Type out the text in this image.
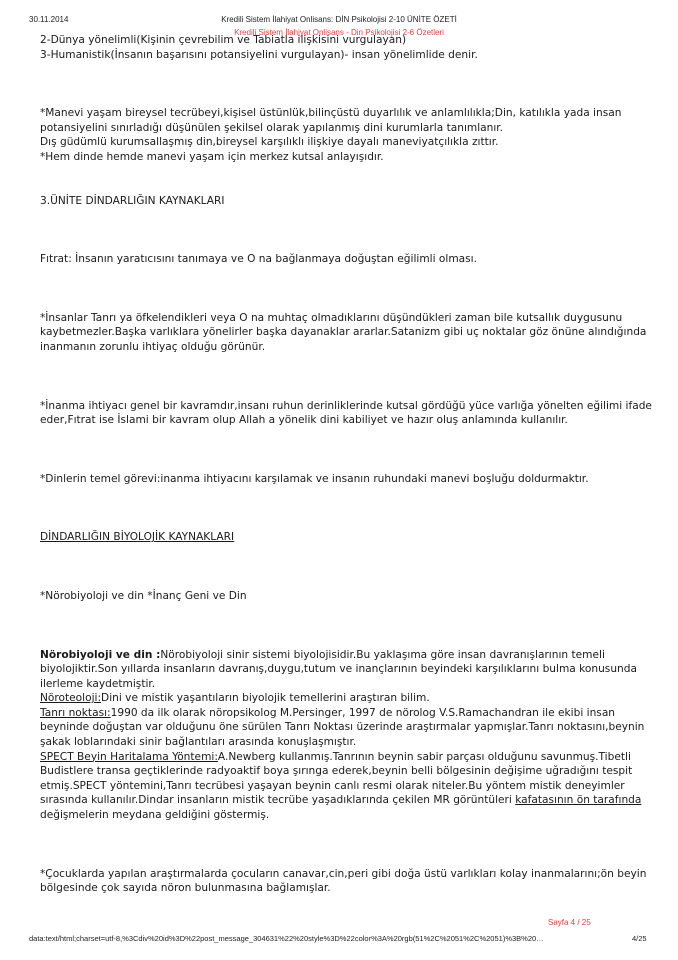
30.11.2014	Kredili Sistem İlahiyat Onlisans: DİN Psikolojisi 2-10 ÜNİTE ÖZETİ
Kredili Sistem İlahiyat Onlisans - Din Psikolojisi 2-6 Özetleri

2-Dünya yönelimli(Kişinin çevrebilim ve Tabiatla ilişkisini vurgulayan)

3-Humanistik(İnsanın başarısını potansiyelini vurgulayan)- insan yönelimlide denir.

*Manevi yaşam bireysel tecrübeyi,kişisel üstünlük,bilinçüstü duyarlılık ve anlamlılıkla;Din, katılıkla yada insan potansiyelini sınırladığı düşünülen şekilsel olarak yapılanmış dini kurumlarla tanımlanır.

Dış güdümlü kurumsallaşmış din,bireysel karşılıklı ilişkiye dayalı maneviyatçılıkla zıttır.

*Hem dinde hemde manevi yaşam için merkez kutsal anlayışıdır.

3.ÜNİTE DİNDARLIĞIN KAYNAKLARI

Fıtrat: İnsanın yaratıcısını tanımaya ve O na bağlanmaya doğuştan eğilimli olması.

*İnsanlar Tanrı ya öfkelendikleri veya O na muhtaç olmadıklarını düşündükleri zaman bile kutsallık duygusunu kaybetmezler.Başka varlıklara yönelirler başka dayanaklar ararlar.Satanizm gibi uç noktalar göz önüne alındığında inanmanın zorunlu ihtiyaç olduğu görünür.

*İnanma ihtiyacı genel bir kavramdır,insanı ruhun derinliklerinde kutsal gördüğü yüce varlığa yönelten eğilimi ifade eder,Fıtrat ise İslami bir kavram olup Allah a yönelik dini kabiliyet ve hazır oluş anlamında kullanılır.

*Dinlerin temel görevi:inanma ihtiyacını karşılamak ve insanın ruhundaki manevi boşluğu doldurmaktır.

DİNDARLIĞIN BİYOLOJİK KAYNAKLARI

*Nörobiyoloji ve din *İnanç Geni ve Din

Nörobiyoloji ve din :Nörobiyoloji sinir sistemi biyolojisidir.Bu yaklaşıma göre insan davranışlarının temeli biyolojiktir.Son yıllarda insanların davranış,duygu,tutum ve inançlarının beyindeki karşılıklarını bulma konusunda ilerleme kaydetmiştir.

Nöroteoloji:Dini ve mistik yaşantıların biyolojik temellerini araştıran bilim.

Tanrı noktası:1990 da ilk olarak nöropsikolog M.Persinger, 1997 de nörolog V.S.Ramachandran ile ekibi insan beyninde doğuştan var olduğunu öne sürülen Tanrı Noktası üzerinde araştırmalar yapmışlar.Tanrı noktasını,beynin şakak loblarındaki sinir bağlantıları arasında konuşlaşmıştır.

SPECT Beyin Haritalama Yöntemi:A.Newberg kullanmış.Tanrının beynin sabir parçası olduğunu savunmuş.Tibetli Budistlere transa geçtiklerinde radyoaktif boya şırınga ederek,beynin belli bölgesinin değişime uğradığını tespit etmiş.SPECT yöntemini,Tanrı tecrübesi yaşayan beynin canlı resmi olarak niteler.Bu yöntem mistik deneyimler sırasında kullanılır.Dindar insanların mistik tecrübe yaşadıklarında çekilen MR görüntüleri kafatasının ön tarafında değişmelerin meydana geldiğini göstermiş.

*Çocuklarda yapılan araştırmalarda çocuların canavar,cin,peri gibi doğa üstü varlıkları kolay inanmalarını;ön beyin bölgesinde çok sayıda nöron bulunmasına bağlamışlar.

Sayfa 4 / 25
data:text/html;charset=utf-8,%3Cdiv%20id%3D%22post_message_304631%22%20style%3D%22color%3A%20rgb(51%2C%2051%2C%2051)%3B%20…	4/25
